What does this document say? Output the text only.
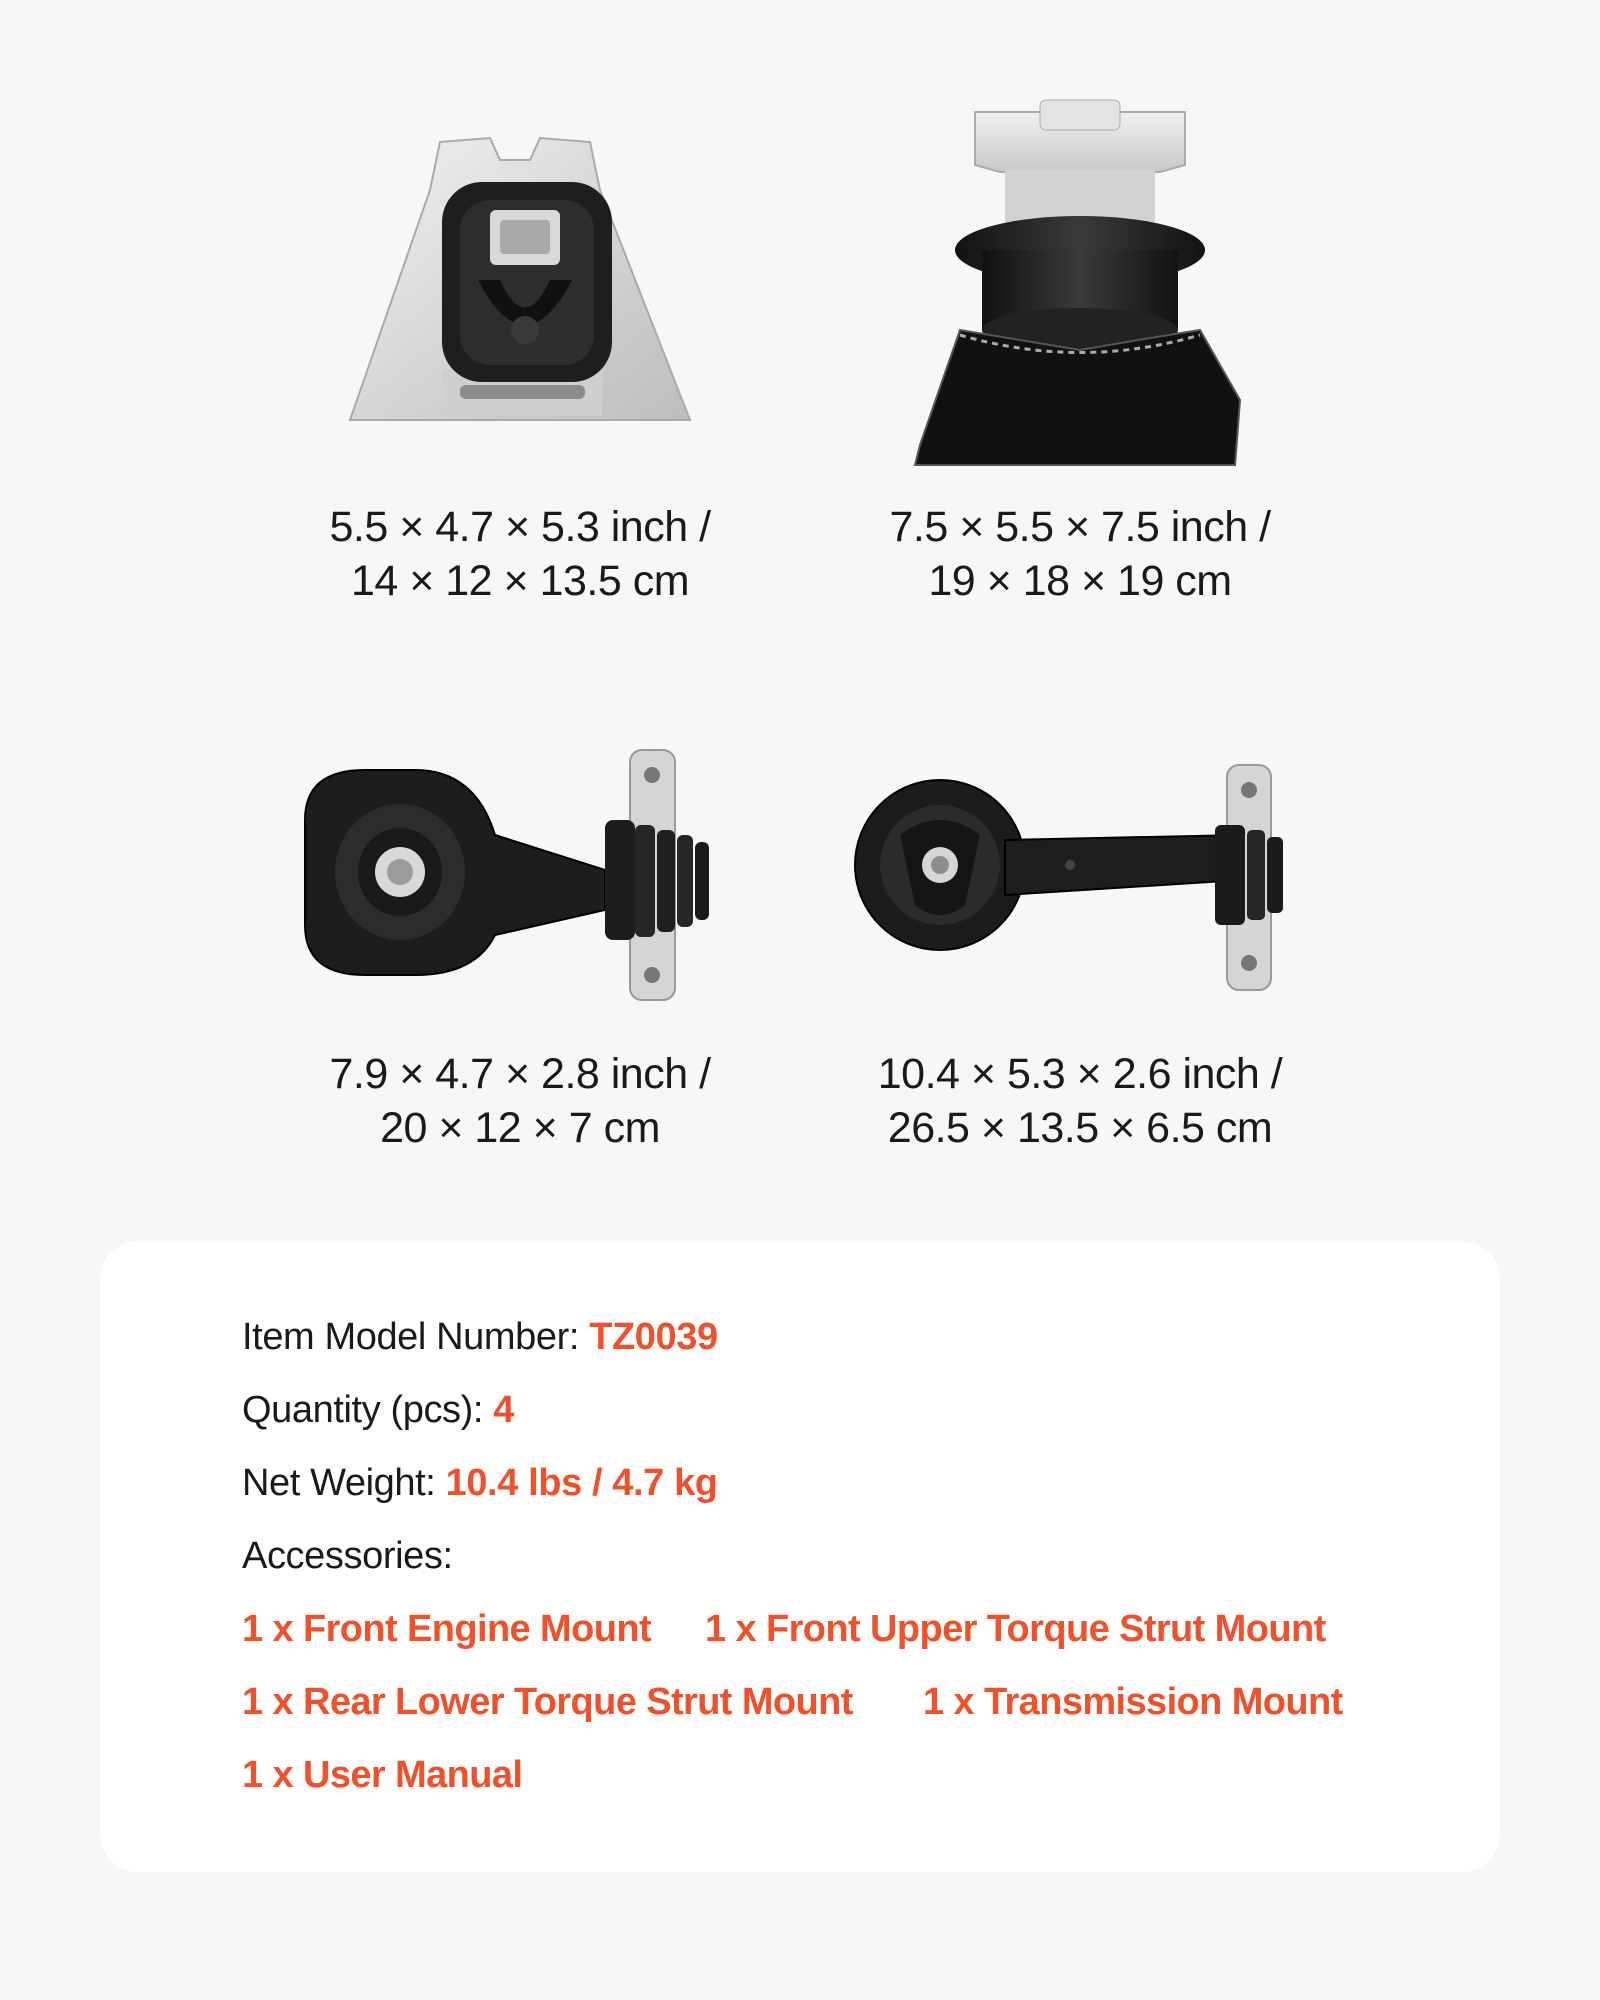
5.5 × 4.7 × 5.3 inch /
14 × 12 × 13.5 cm
7.5 × 5.5 × 7.5 inch /
19 × 18 × 19 cm
7.9 × 4.7 × 2.8 inch /
20 × 12 × 7 cm
10.4 × 5.3 × 2.6 inch /
26.5 × 13.5 × 6.5 cm
Item Model Number: TZ0039
Quantity (pcs): 4
Net Weight: 10.4 lbs / 4.7 kg
Accessories:
1 x Front Engine Mount 1 x Front Upper Torque Strut Mount
1 x Rear Lower Torque Strut Mount 1 x Transmission Mount
1 x User Manual
